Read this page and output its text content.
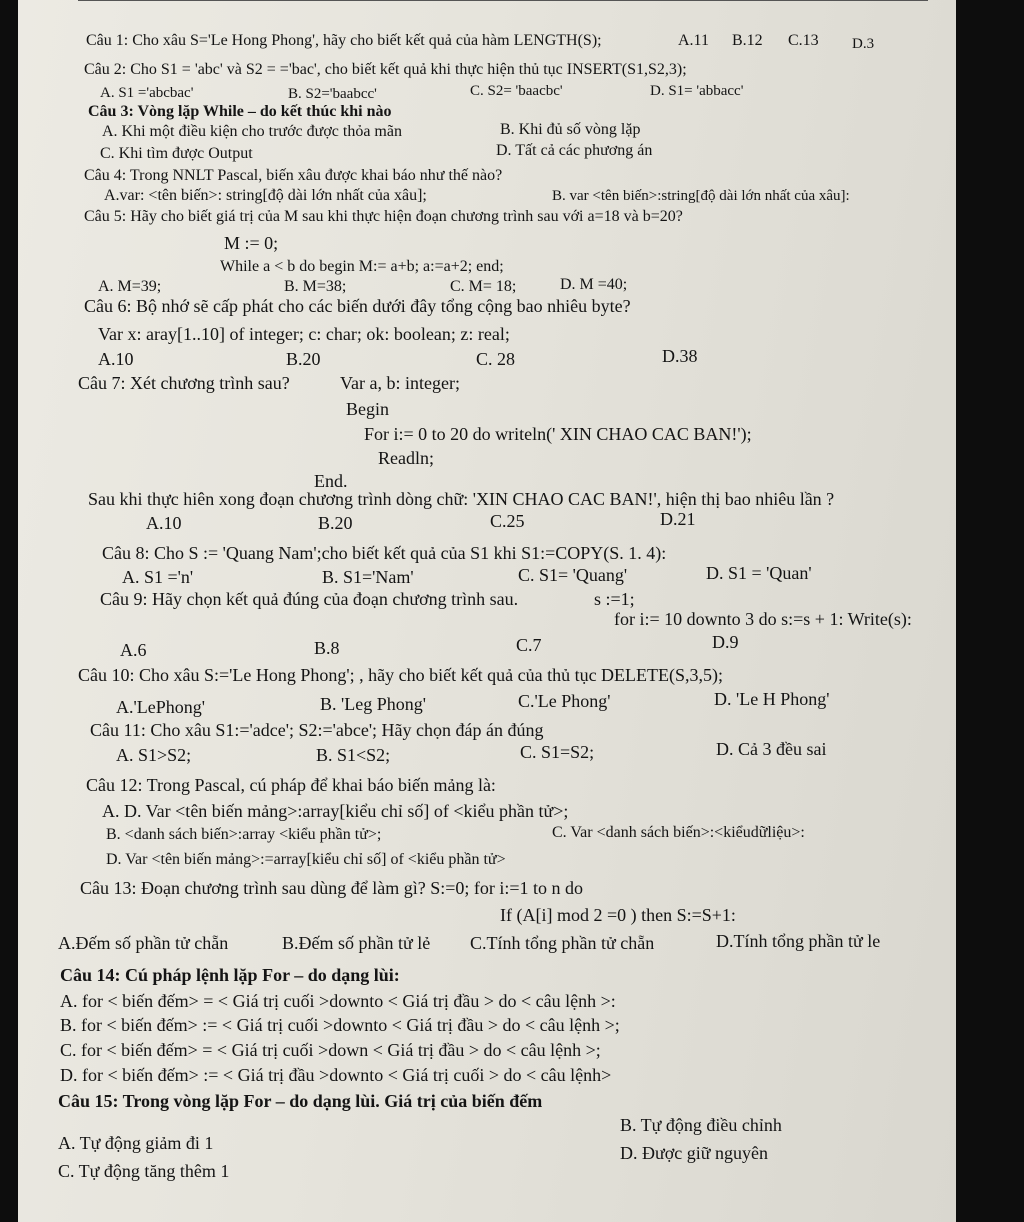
Câu 1: Cho xâu S='Le Hong Phong', hãy cho biết kết quả của hàm LENGTH(S);	A.11 B.12 C.13 D.3
Câu 2: Cho S1 = 'abc' và S2 = ='bac', cho biết kết quả khi thực hiện thủ tục INSERT(S1,S2,3);
A. S1 ='abcbac'	B. S2='baabcc'	C. S2= 'baacbc'	D. S1= 'abbacc'
Câu 3: Vòng lặp While – do kết thúc khi nào
A. Khi một điều kiện cho trước được thỏa mãn	B. Khi đủ số vòng lặp
C. Khi tìm được Output	D. Tất cả các phương án
Câu 4: Trong NNLT Pascal, biến xâu được khai báo như thế nào?
A.var: <tên biến>: string[độ dài lớn nhất của xâu];	B. var <tên biến>:string[độ dài lớn nhất của xâu]:
Câu 5: Hãy cho biết giá trị của M sau khi thực hiện đoạn chương trình sau với a=18 và b=20?
M := 0;
While a < b do begin M:= a+b; a:=a+2; end;
A. M=39;	B. M=38;	C. M= 18;	D. M =40;
Câu 6: Bộ nhớ sẽ cấp phát cho các biến dưới đây tổng cộng bao nhiêu byte?
Var x: aray[1..10] of integer; c: char; ok: boolean; z: real;
A.10	B.20	C. 28	D.38
Câu 7: Xét chương trình sau?	Var a, b: integer;
Begin
For i:= 0 to 20 do writeln(' XIN CHAO CAC BAN!');
Readln;
End.
Sau khi thực hiên xong đoạn chương trình dòng chữ: 'XIN CHAO CAC BAN!', hiện thị bao nhiêu lần ?
A.10	B.20	C.25	D.21
Câu 8: Cho S := 'Quang Nam';cho biết kết quả của S1 khi S1:=COPY(S. 1. 4):
A. S1 ='n'	B. S1='Nam'	C. S1= 'Quang'	D. S1 = 'Quan'
Câu 9: Hãy chọn kết quả đúng của đoạn chương trình sau.	s :=1;
for i:= 10 downto 3 do s:=s + 1: Write(s):
A.6	B.8	C.7	D.9
Câu 10: Cho xâu S:='Le Hong Phong'; , hãy cho biết kết quả của thủ tục DELETE(S,3,5);
A.'LePhong'	B. 'Leg Phong'	C.'Le Phong'	D. 'Le H Phong'
Câu 11: Cho xâu S1:='adce'; S2:='abce'; Hãy chọn đáp án đúng
A. S1>S2;	B. S1<S2;	C. S1=S2;	D. Cả 3 đều sai
Câu 12: Trong Pascal, cú pháp để khai báo biến mảng là:
A. D. Var <tên biến mảng>:array[kiểu chỉ số] of <kiểu phần tử>;
B. <danh sách biến>:array <kiểu phần tử>;	C. Var <danh sách biến>:<kiểudữliệu>:
D. Var <tên biến mảng>:=array[kiểu chỉ số] of <kiểu phần tử>
Câu 13: Đoạn chương trình sau dùng để làm gì? S:=0; for i:=1 to n do
If (A[i] mod 2 =0 ) then S:=S+1:
A.Đếm số phần tử chẵn	B.Đếm số phần tử lẻ C.Tính tổng phần tử chẵn	D.Tính tổng phần tử le
Câu 14: Cú pháp lệnh lặp For – do dạng lùi:
A. for < biến đếm> = < Giá trị cuối >downto < Giá trị đầu > do < câu lệnh >:
B. for < biến đếm> := < Giá trị cuối >downto < Giá trị đầu > do < câu lệnh >;
C. for < biến đếm> = < Giá trị cuối >down < Giá trị đầu > do < câu lệnh >;
D. for < biến đếm> := < Giá trị đầu >downto < Giá trị cuối > do < câu lệnh>
Câu 15: Trong vòng lặp For – do dạng lùi. Giá trị của biến đếm
B. Tự động điều chỉnh
A. Tự động giảm đi 1	D. Được giữ nguyên
C. Tự động tăng thêm 1
